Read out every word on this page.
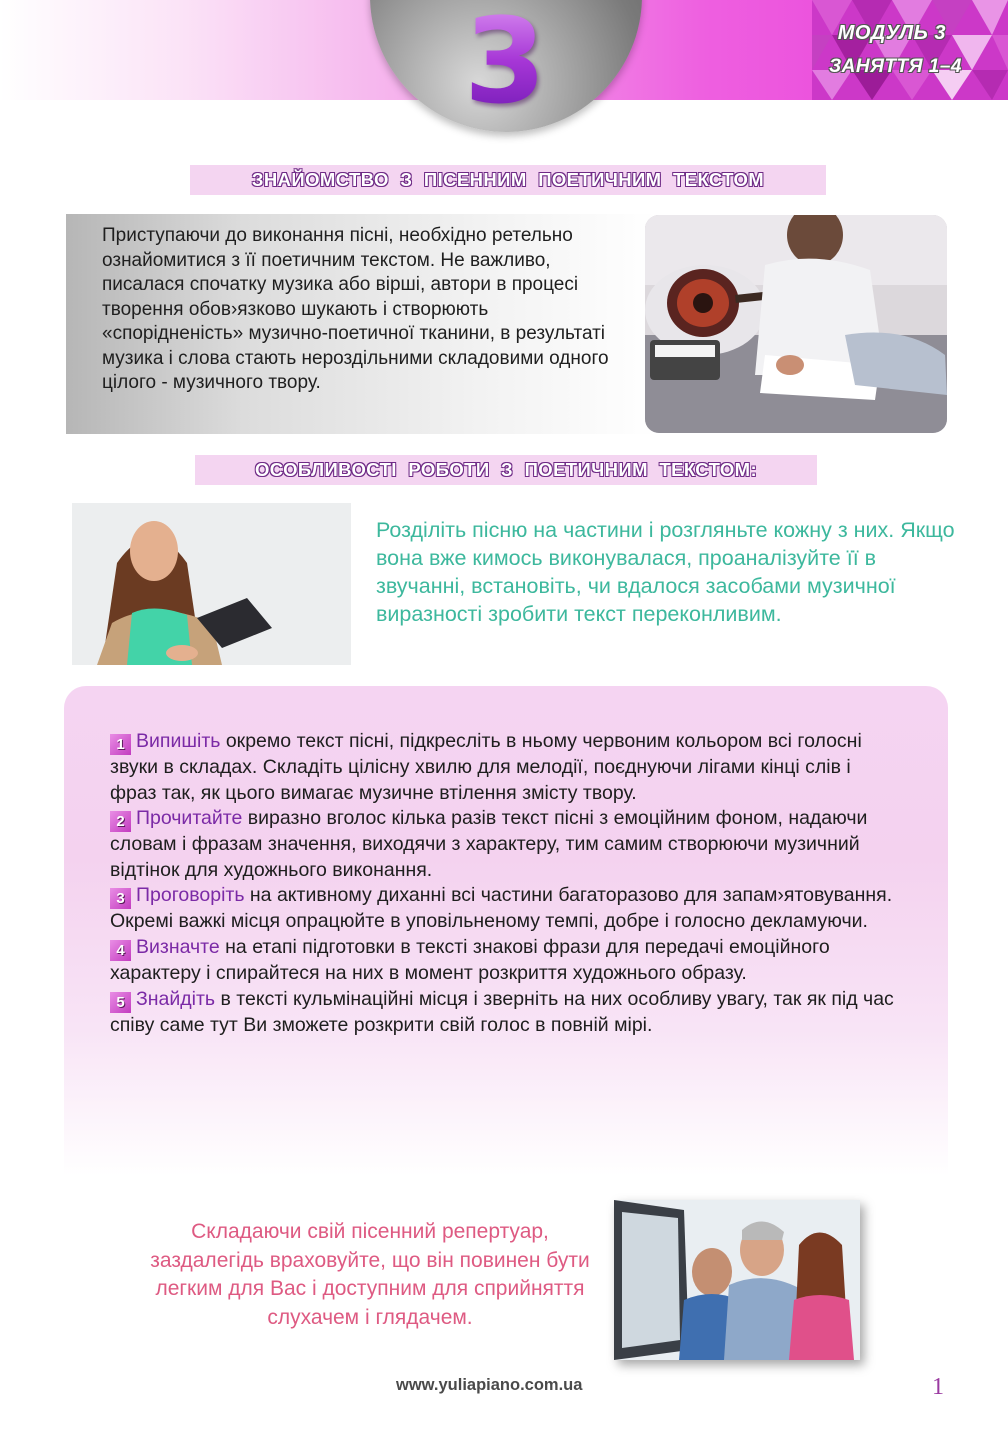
МОДУЛЬ 3
ЗАНЯТТЯ 1–4
3
ЗНАЙОМСТВО З ПІСЕННИМ ПОЕТИЧНИМ ТЕКСТОМ

Приступаючи до виконання пісні, необхідно ретельно ознайомитися з її поетичним текстом. Не важливо, писалася спочатку музика або вірші, автори в процесі творення обов›язково шукають і створюють «спорідненість» музично-поетичної тканини, в результаті музика і слова стають нероздільними складовими одного цілого - музичного твору.

ОСОБЛИВОСТІ РОБОТИ З ПОЕТИЧНИМ ТЕКСТОМ:

Розділіть пісню на частини і розгляньте кожну з них. Якщо вона вже кимось виконувалася, проаналізуйте її в звучанні, встановіть, чи вдалося засобами музичної виразності зробити текст переконливим.

1 Випишіть окремо текст пісні, підкресліть в ньому червоним кольором всі голосні звуки в складах. Складіть цілісну хвилю для мелодії, поєднуючи лігами кінці слів і фраз так, як цього вимагає музичне втілення змісту твору.
2 Прочитайте виразно вголос кілька разів текст пісні з емоційним фоном, надаючи словам і фразам значення, виходячи з характеру, тим самим створюючи музичний відтінок для художнього виконання.
3 Проговоріть на активному диханні всі частини багаторазово для запам›ятовування. Окремі важкі місця опрацюйте в уповільненому темпі, добре і голосно декламуючи.
4 Визначте на етапі підготовки в тексті знакові фрази для передачі емоційного характеру і спирайтеся на них в момент розкриття художнього образу.
5 Знайдіть в тексті кульмінаційні місця і зверніть на них особливу увагу, так як під час співу саме тут Ви зможете розкрити свій голос в повній мірі.

Складаючи свій пісенний репертуар, заздалегідь враховуйте, що він повинен бути легким для Вас і доступним для сприйняття слухачем і глядачем.

www.yuliapiano.com.ua	1
